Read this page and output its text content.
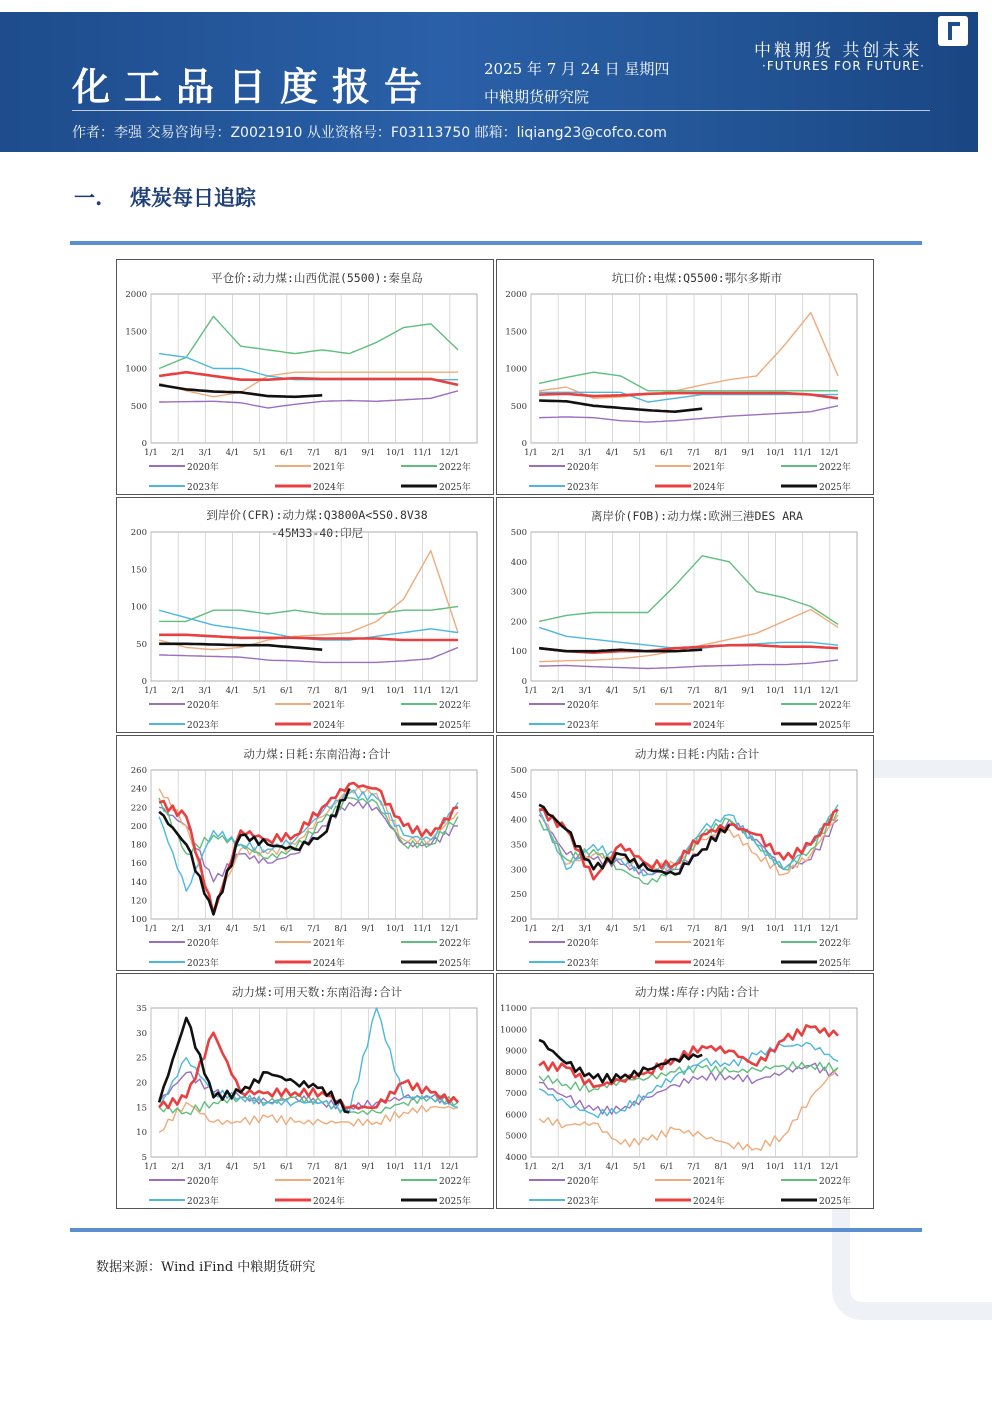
化工品日度报告	2025 年 7 月 24 日 星期四
中粮期货研究院
中粮期货 共创未来
·FUTURES FOR FUTURE·
作者：李强 交易咨询号：Z0021910 从业资格号：F03113750 邮箱：liqiang23@cofco.com
一. 煤炭每日追踪
平仓价:动力煤:山西优混(5500):秦皇岛
0
500
1000
1500
2000
1/1 2/1 3/1 4/1 5/1 6/1 7/1 8/1 9/1 10/1 11/1 12/1
2020年	2021年	2022年
2023年	2024年	2025年
坑口价:电煤:Q5500:鄂尔多斯市
0
500
1000
1500
2000
1/1 2/1 3/1 4/1 5/1 6/1 7/1 8/1 9/1 10/1 11/1 12/1
2020年	2021年	2022年
2023年	2024年	2025年
到岸价(CFR):动力煤:Q3800A<5S0.8V38
-45M33-40:印尼
0
50
100
150
200
1/1 2/1 3/1 4/1 5/1 6/1 7/1 8/1 9/1 10/1 11/1 12/1
2020年	2021年	2022年
2023年	2024年	2025年
离岸价(FOB):动力煤:欧洲三港DES ARA
0
100
200
300
400
500
1/1 2/1 3/1 4/1 5/1 6/1 7/1 8/1 9/1 10/1 11/1 12/1
2020年	2021年	2022年
2023年	2024年	2025年
动力煤:日耗:东南沿海:合计
100
120
140
160
180
200
220
240
260
1/1 2/1 3/1 4/1 5/1 6/1 7/1 8/1 9/1 10/1 11/1 12/1
2020年	2021年	2022年
2023年	2024年	2025年
动力煤:日耗:内陆:合计
200
250
300
350
400
450
500
1/1 2/1 3/1 4/1 5/1 6/1 7/1 8/1 9/1 10/1 11/1 12/1
2020年	2021年	2022年
2023年	2024年	2025年
动力煤:可用天数:东南沿海:合计
5
10
15
20
25
30
35
1/1 2/1 3/1 4/1 5/1 6/1 7/1 8/1 9/1 10/1 11/1 12/1
2020年	2021年	2022年
2023年	2024年	2025年
动力煤:库存:内陆:合计
4000
5000
6000
7000
8000
9000
10000
11000
1/1 2/1 3/1 4/1 5/1 6/1 7/1 8/1 9/1 10/1 11/1 12/1
2020年	2021年	2022年
2023年	2024年	2025年
数据来源：Wind iFind 中粮期货研究
